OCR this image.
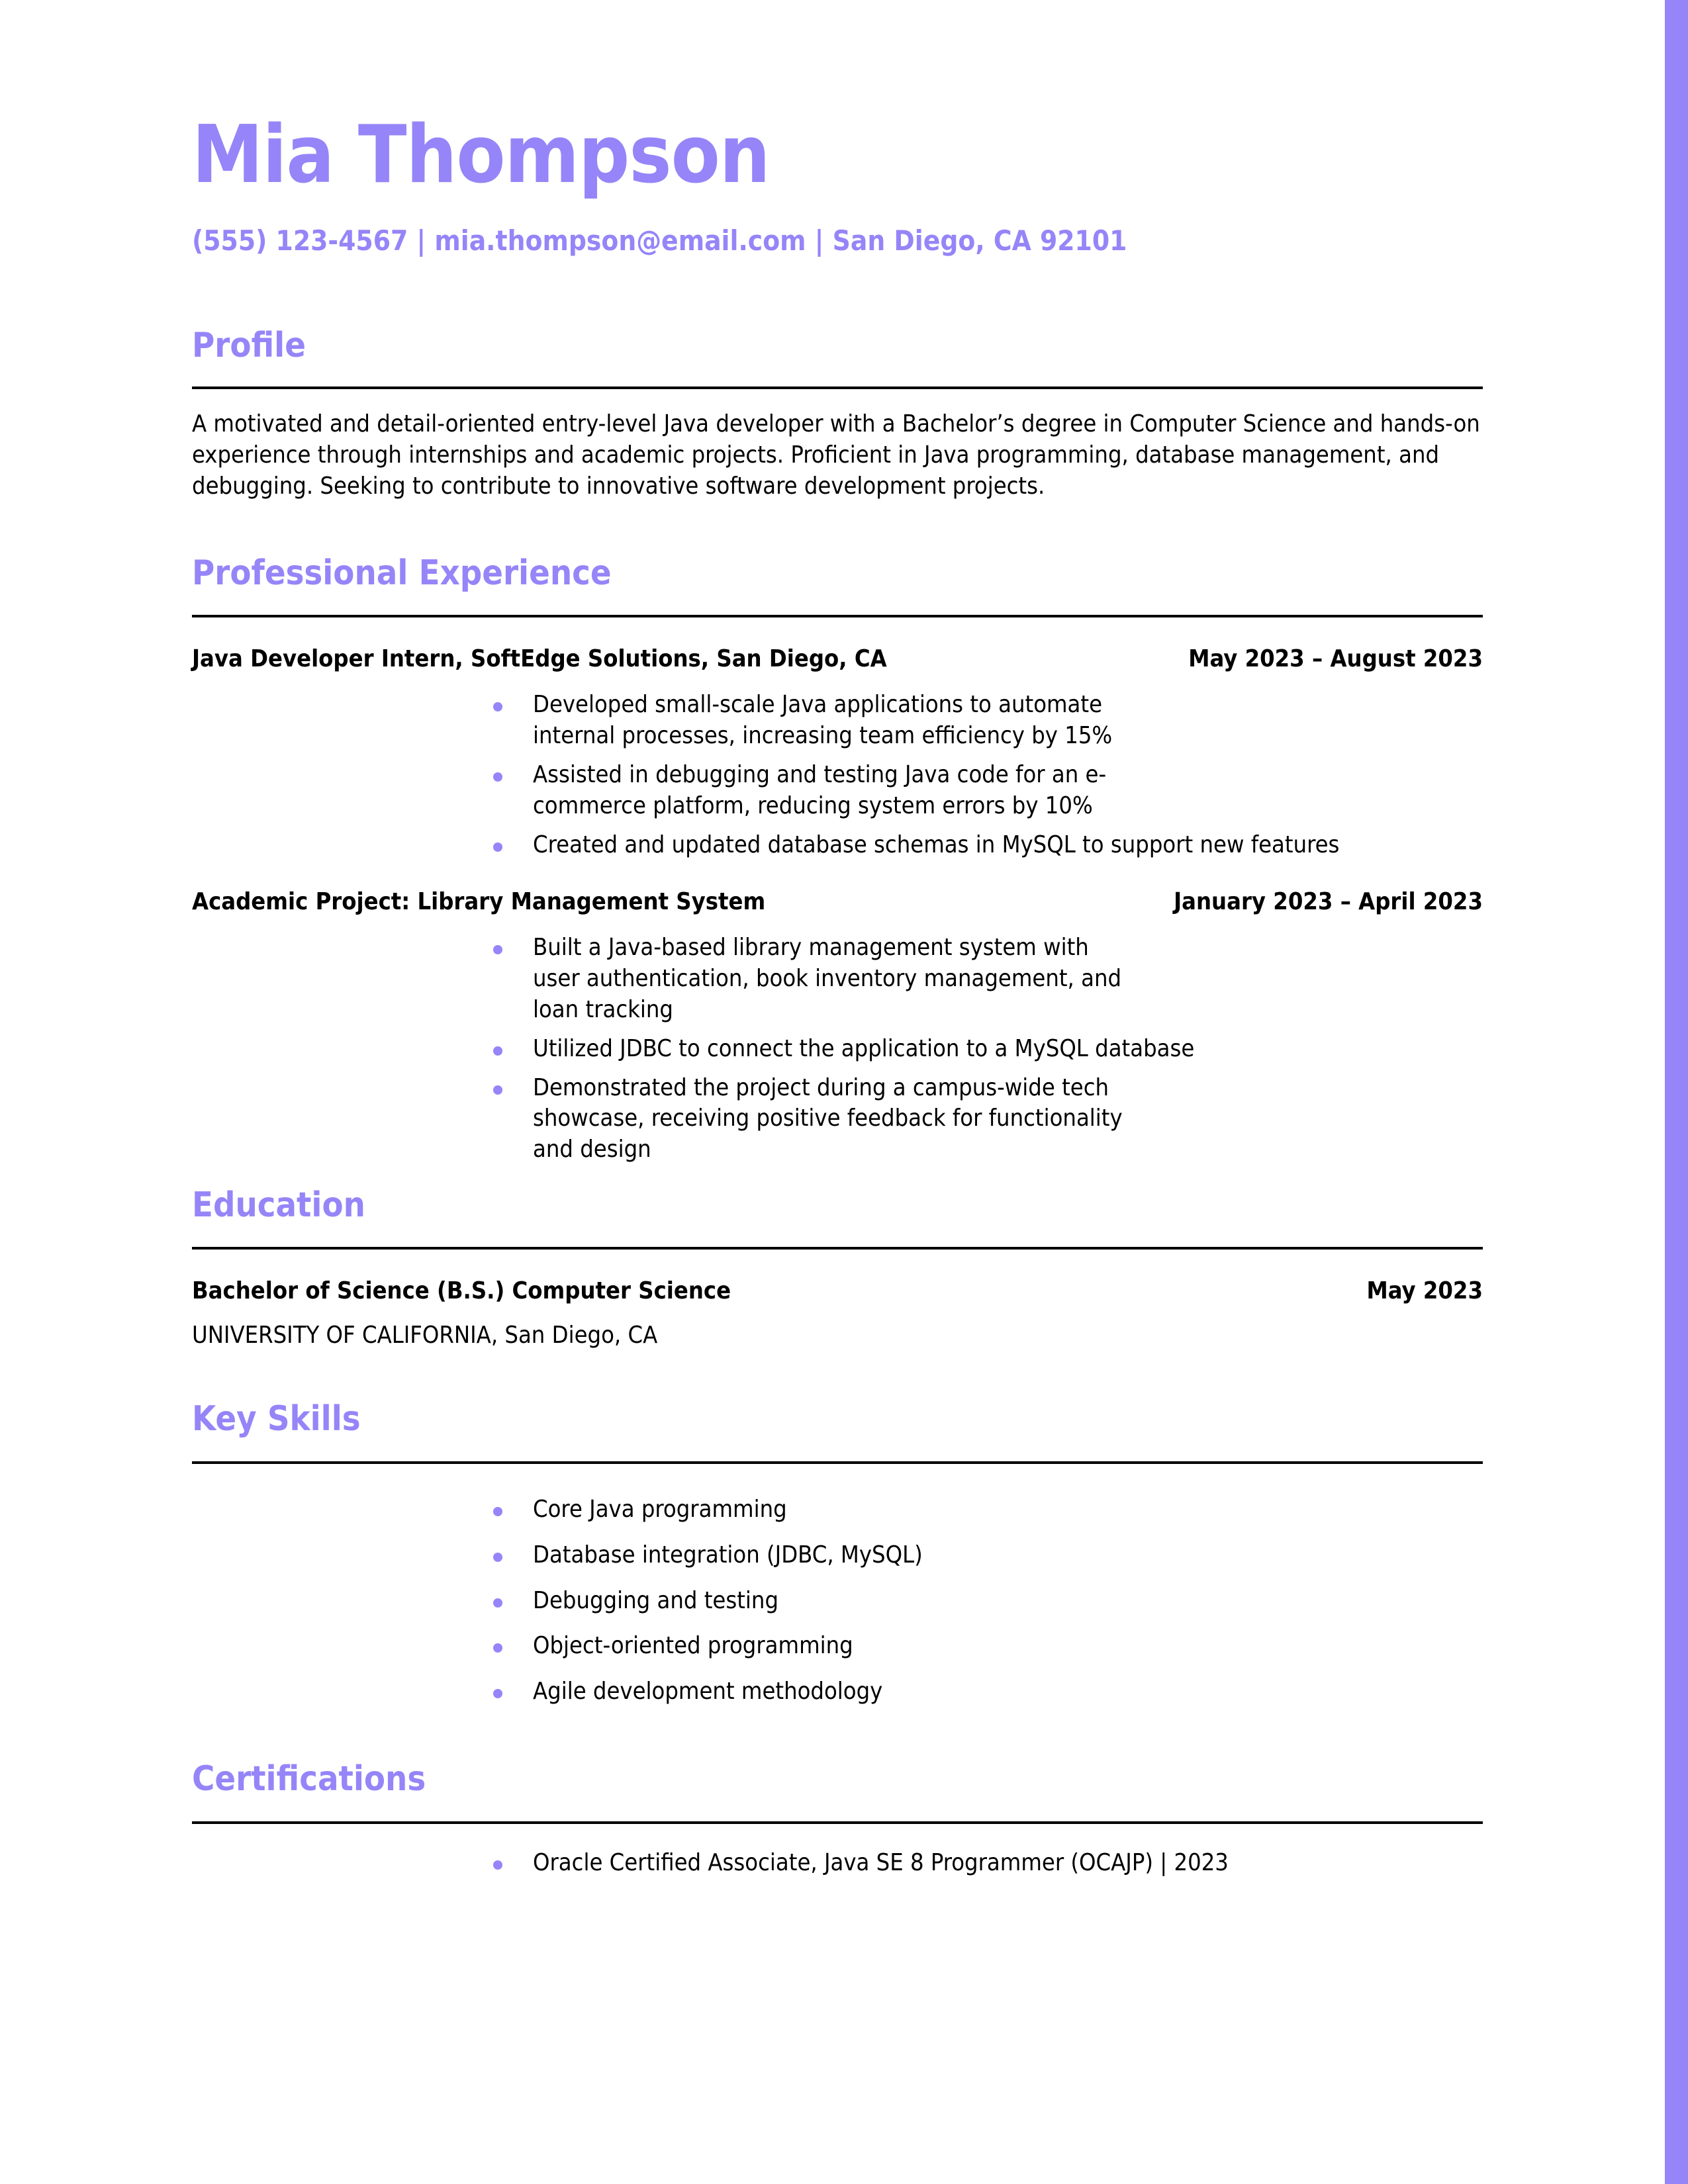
Mia Thompson

(555) 123-4567 | mia.thompson@email.com | San Diego, CA 92101

Profile

A motivated and detail-oriented entry-level Java developer with a Bachelor’s degree in Computer Science and hands-on experience through internships and academic projects. Proficient in Java programming, database management, and debugging. Seeking to contribute to innovative software development projects.

Professional Experience
Java Developer Intern, SoftEdge Solutions, San Diego, CA	May 2023 – August 2023
Developed small-scale Java applications to automate internal processes, increasing team efficiency by 15%
Assisted in debugging and testing Java code for an e-commerce platform, reducing system errors by 10%
Created and updated database schemas in MySQL to support new features
Academic Project: Library Management System	January 2023 – April 2023
Built a Java-based library management system with user authentication, book inventory management, and loan tracking
Utilized JDBC to connect the application to a MySQL database
Demonstrated the project during a campus-wide tech showcase, receiving positive feedback for functionality and design
Education
Bachelor of Science (B.S.) Computer Science	May 2023
UNIVERSITY OF CALIFORNIA, San Diego, CA
Key Skills
Core Java programming
Database integration (JDBC, MySQL)
Debugging and testing
Object-oriented programming
Agile development methodology
Certifications
Oracle Certified Associate, Java SE 8 Programmer (OCAJP) | 2023
